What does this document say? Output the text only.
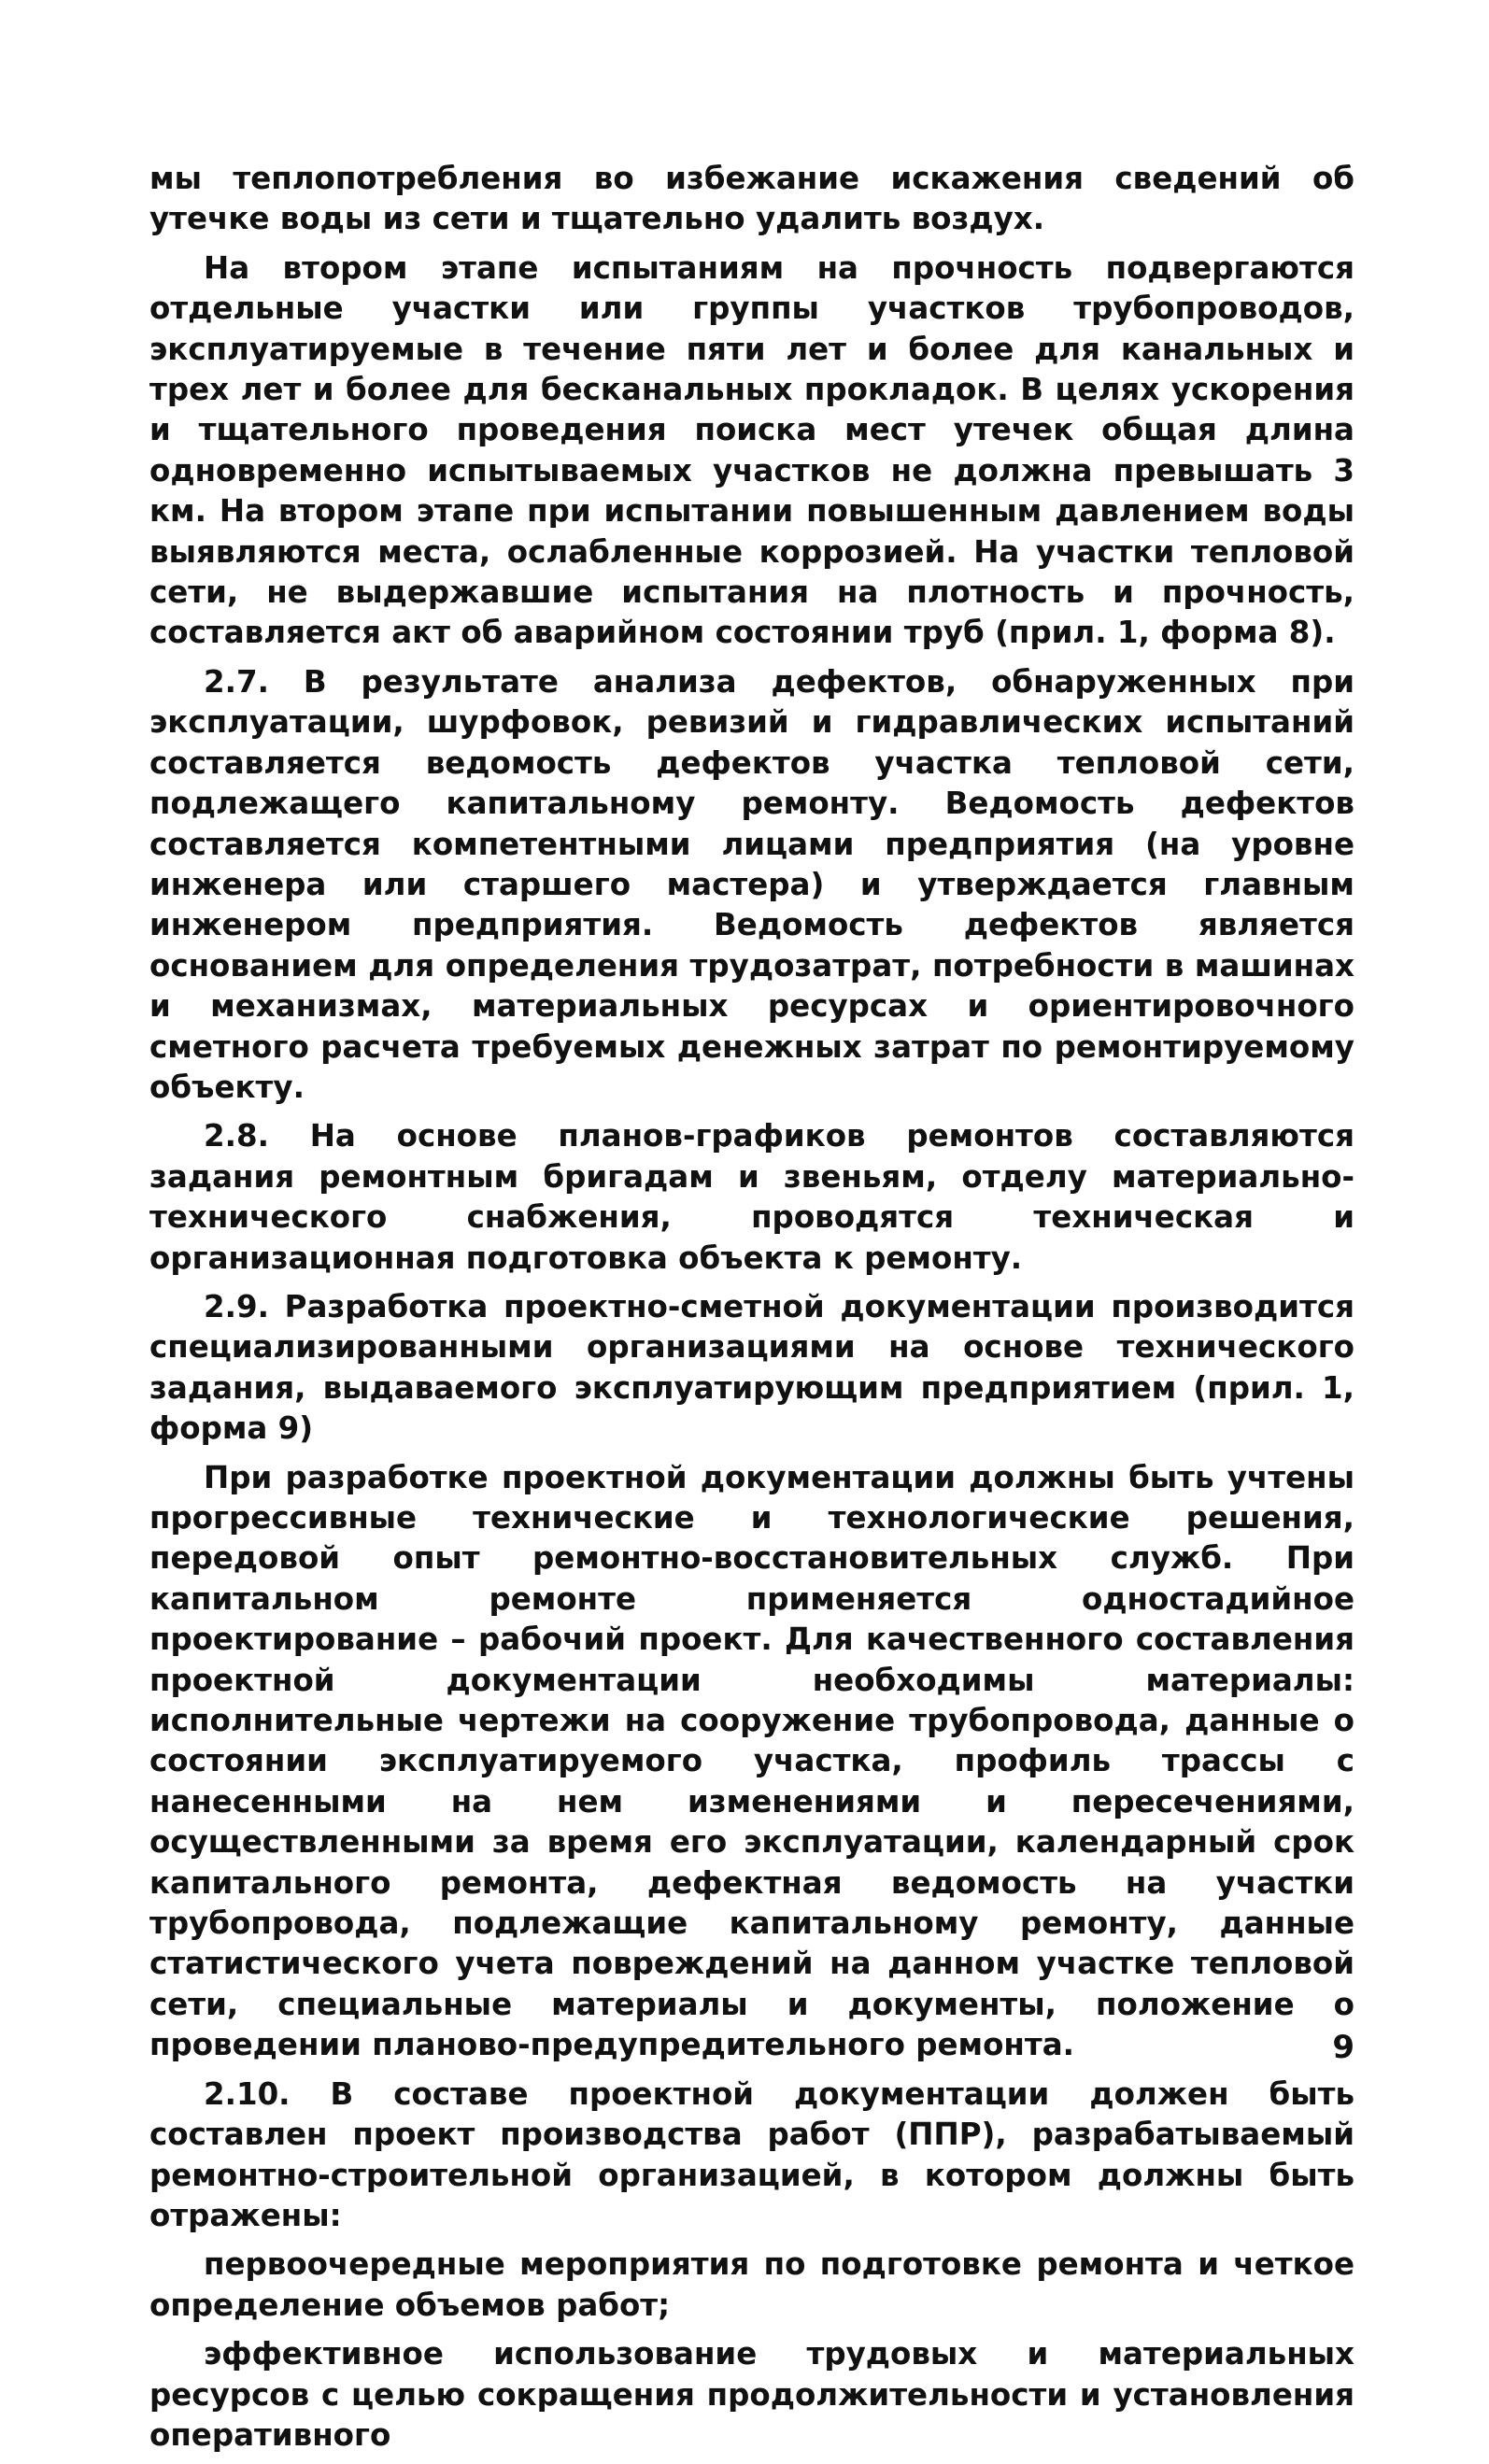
мы теплопотребления во избежание искажения сведений об утечке воды из сети и тщательно удалить воздух.

На втором этапе испытаниям на прочность подвергаются отдельные участки или группы участков трубопроводов, эксплуатируемые в течение пяти лет и более для канальных и трех лет и более для бесканальных прокладок. В целях ускорения и тщательного проведения поиска мест утечек общая длина одновременно испытываемых участков не должна превышать 3 км. На втором этапе при испытании повышенным давлением воды выявляются места, ослабленные коррозией. На участки тепловой сети, не выдержавшие испытания на плотность и прочность, составляется акт об аварийном состоянии труб (прил. 1, форма 8).

2.7. В результате анализа дефектов, обнаруженных при эксплуатации, шурфовок, ревизий и гидравлических испытаний составляется ведомость дефектов участка тепловой сети, подлежащего капитальному ремонту. Ведомость дефектов составляется компетентными лицами предприятия (на уровне инженера или старшего мастера) и утверждается главным инженером предприятия. Ведомость дефектов является основанием для определения трудозатрат, потребности в машинах и механизмах, материальных ресурсах и ориентировочного сметного расчета требуемых денежных затрат по ремонтируемому объекту.

2.8. На основе планов-графиков ремонтов составляются задания ремонтным бригадам и звеньям, отделу материально-технического снабжения, проводятся техническая и организационная подготовка объекта к ремонту.

2.9. Разработка проектно-сметной документации производится специализированными организациями на основе технического задания, выдаваемого эксплуатирующим предприятием (прил. 1, форма 9)

При разработке проектной документации должны быть учтены прогрессивные технические и технологические решения, передовой опыт ремонтно-восстановительных служб. При капитальном ремонте применяется одностадийное проектирование – рабочий проект. Для качественного составления проектной документации необходимы материалы: исполнительные чертежи на сооружение трубопровода, данные о состоянии эксплуатируемого участка, профиль трассы с нанесенными на нем изменениями и пересечениями, осуществленными за время его эксплуатации, календарный срок капитального ремонта, дефектная ведомость на участки трубопровода, подлежащие капитальному ремонту, данные статистического учета повреждений на данном участке тепловой сети, специальные материалы и документы, положение о проведении планово-предупредительного ремонта.

2.10. В составе проектной документации должен быть составлен проект производства работ (ППР), разрабатываемый ремонтно-строительной организацией, в котором должны быть отражены:

первоочередные мероприятия по подготовке ремонта и четкое определение объемов работ;

эффективное использование трудовых и материальных ресурсов с целью сокращения продолжительности и установления оперативного

9
